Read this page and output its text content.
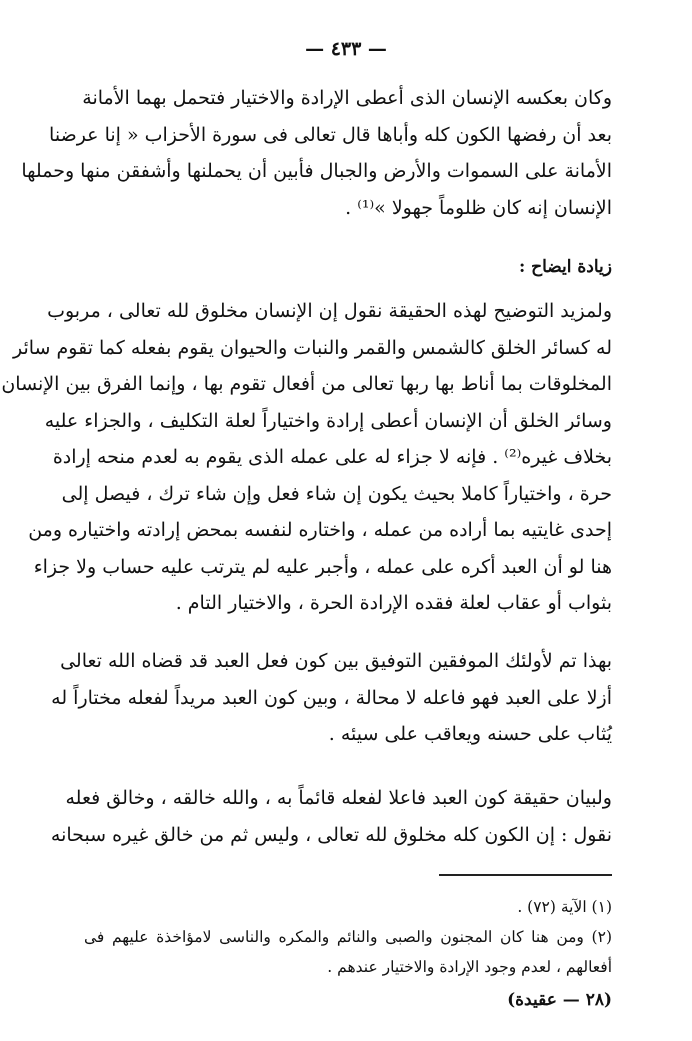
— ٤٣٣ —
وكان بعكسه الإنسان الذى أعطى الإرادة والاختيار فتحمل بهما الأمانة
بعد أن رفضها الكون كله وأباها قال تعالى فى سورة الأحزاب « إنا عرضنا
الأمانة على السموات والأرض والجبال فأبين أن يحملنها وأشفقن منها وحملها
الإنسان إنه كان ظلوماً جهولا »⁽¹⁾ .
زيادة ايضاح :
ولمزيد التوضيح لهذه الحقيقة نقول إن الإنسان مخلوق لله تعالى ، مربوب
له كسائر الخلق كالشمس والقمر والنبات والحيوان يقوم بفعله كما تقوم سائر
المخلوقات بما أناط بها ربها تعالى من أفعال تقوم بها ، وإنما الفرق بين الإنسان
وسائر الخلق أن الإنسان أعطى إرادة واختياراً لعلة التكليف ، والجزاء عليه
بخلاف غيره⁽²⁾ . فإنه لا جزاء له على عمله الذى يقوم به لعدم منحه إرادة
حرة ، واختياراً كاملا بحيث يكون إن شاء فعل وإن شاء ترك ، فيصل إلى
إحدى غايتيه بما أراده من عمله ، واختاره لنفسه بمحض إرادته واختياره ومن
هنا لو أن العبد أكره على عمله ، وأجبر عليه لم يترتب عليه حساب ولا جزاء
بثواب أو عقاب لعلة فقده الإرادة الحرة ، والاختيار التام .
بهذا تم لأولئك الموفقين التوفيق بين كون فعل العبد قد قضاه الله تعالى
أزلا على العبد فهو فاعله لا محالة ، وبين كون العبد مريداً لفعله مختاراً له
يُثاب على حسنه ويعاقب على سيئه .
ولبيان حقيقة كون العبد فاعلا لفعله قائماً به ، والله خالقه ، وخالق فعله
نقول : إن الكون كله مخلوق لله تعالى ، وليس ثم من خالق غيره سبحانه
(١) الآية (٧٢) .
(٢) ومن هنا كان المجنون والصبى والنائم والمكره والناسى لامؤاخذة عليهم فى
أفعالهم ، لعدم وجود الإرادة والاختيار عندهم .
(٢٨ — عقيدة)
